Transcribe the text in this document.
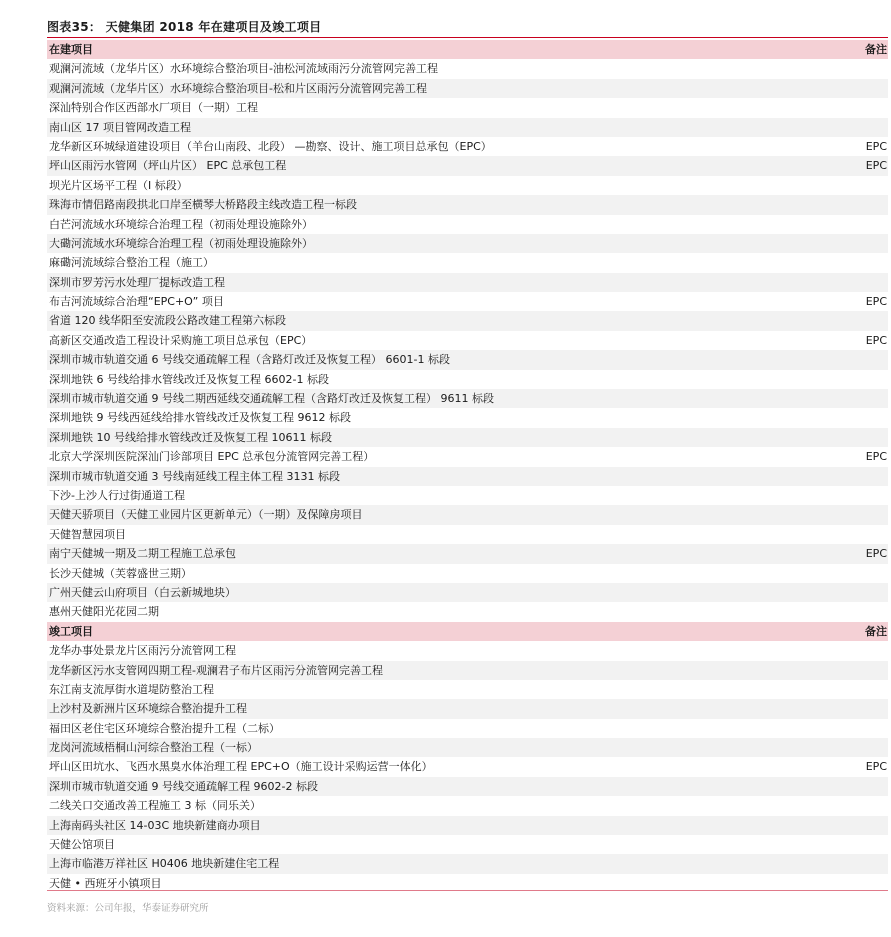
图表35： 天健集团 2018 年在建项目及竣工项目
在建项目	备注
观澜河流域（龙华片区）水环境综合整治项目-油松河流域雨污分流管网完善工程
观澜河流域（龙华片区）水环境综合整治项目-松和片区雨污分流管网完善工程
深汕特别合作区西部水厂项目（一期）工程
南山区 17 项目管网改造工程
龙华新区环城绿道建设项目（羊台山南段、北段） —勘察、设计、施工项目总承包（EPC）	EPC
坪山区雨污水管网（坪山片区） EPC 总承包工程	EPC
坝光片区场平工程（I 标段）
珠海市情侣路南段拱北口岸至横琴大桥路段主线改造工程一标段
白芒河流域水环境综合治理工程（初雨处理设施除外）
大磡河流域水环境综合治理工程（初雨处理设施除外）
麻磡河流域综合整治工程（施工）
深圳市罗芳污水处理厂提标改造工程
布吉河流域综合治理“EPC+O” 项目	EPC
省道 120 线华阳至安流段公路改建工程第六标段
高新区交通改造工程设计采购施工项目总承包（EPC）	EPC
深圳市城市轨道交通 6 号线交通疏解工程（含路灯改迁及恢复工程） 6601-1 标段
深圳地铁 6 号线给排水管线改迁及恢复工程 6602-1 标段
深圳市城市轨道交通 9 号线二期西延线交通疏解工程（含路灯改迁及恢复工程） 9611 标段
深圳地铁 9 号线西延线给排水管线改迁及恢复工程 9612 标段
深圳地铁 10 号线给排水管线改迁及恢复工程 10611 标段
北京大学深圳医院深汕门诊部项目 EPC 总承包分流管网完善工程）	EPC
深圳市城市轨道交通 3 号线南延线工程主体工程 3131 标段
下沙-上沙人行过街通道工程
天健天骄项目（天健工业园片区更新单元）（一期）及保障房项目
天健智慧园项目
南宁天健城一期及二期工程施工总承包	EPC
长沙天健城（芙蓉盛世三期）
广州天健云山府项目（白云新城地块）
惠州天健阳光花园二期
竣工项目	备注
龙华办事处景龙片区雨污分流管网工程
龙华新区污水支管网四期工程-观澜君子布片区雨污分流管网完善工程
东江南支流厚街水道堤防整治工程
上沙村及新洲片区环境综合整治提升工程
福田区老住宅区环境综合整治提升工程（二标）
龙岗河流域梧桐山河综合整治工程（一标）
坪山区田坑水、飞西水黑臭水体治理工程 EPC+O（施工设计采购运营一体化）	EPC
深圳市城市轨道交通 9 号线交通疏解工程 9602-2 标段
二线关口交通改善工程施工 3 标（同乐关）
上海南码头社区 14-03C 地块新建商办项目
天健公馆项目
上海市临港万祥社区 H0406 地块新建住宅工程
天健 • 西班牙小镇项目
资料来源：公司年报，华泰证券研究所
